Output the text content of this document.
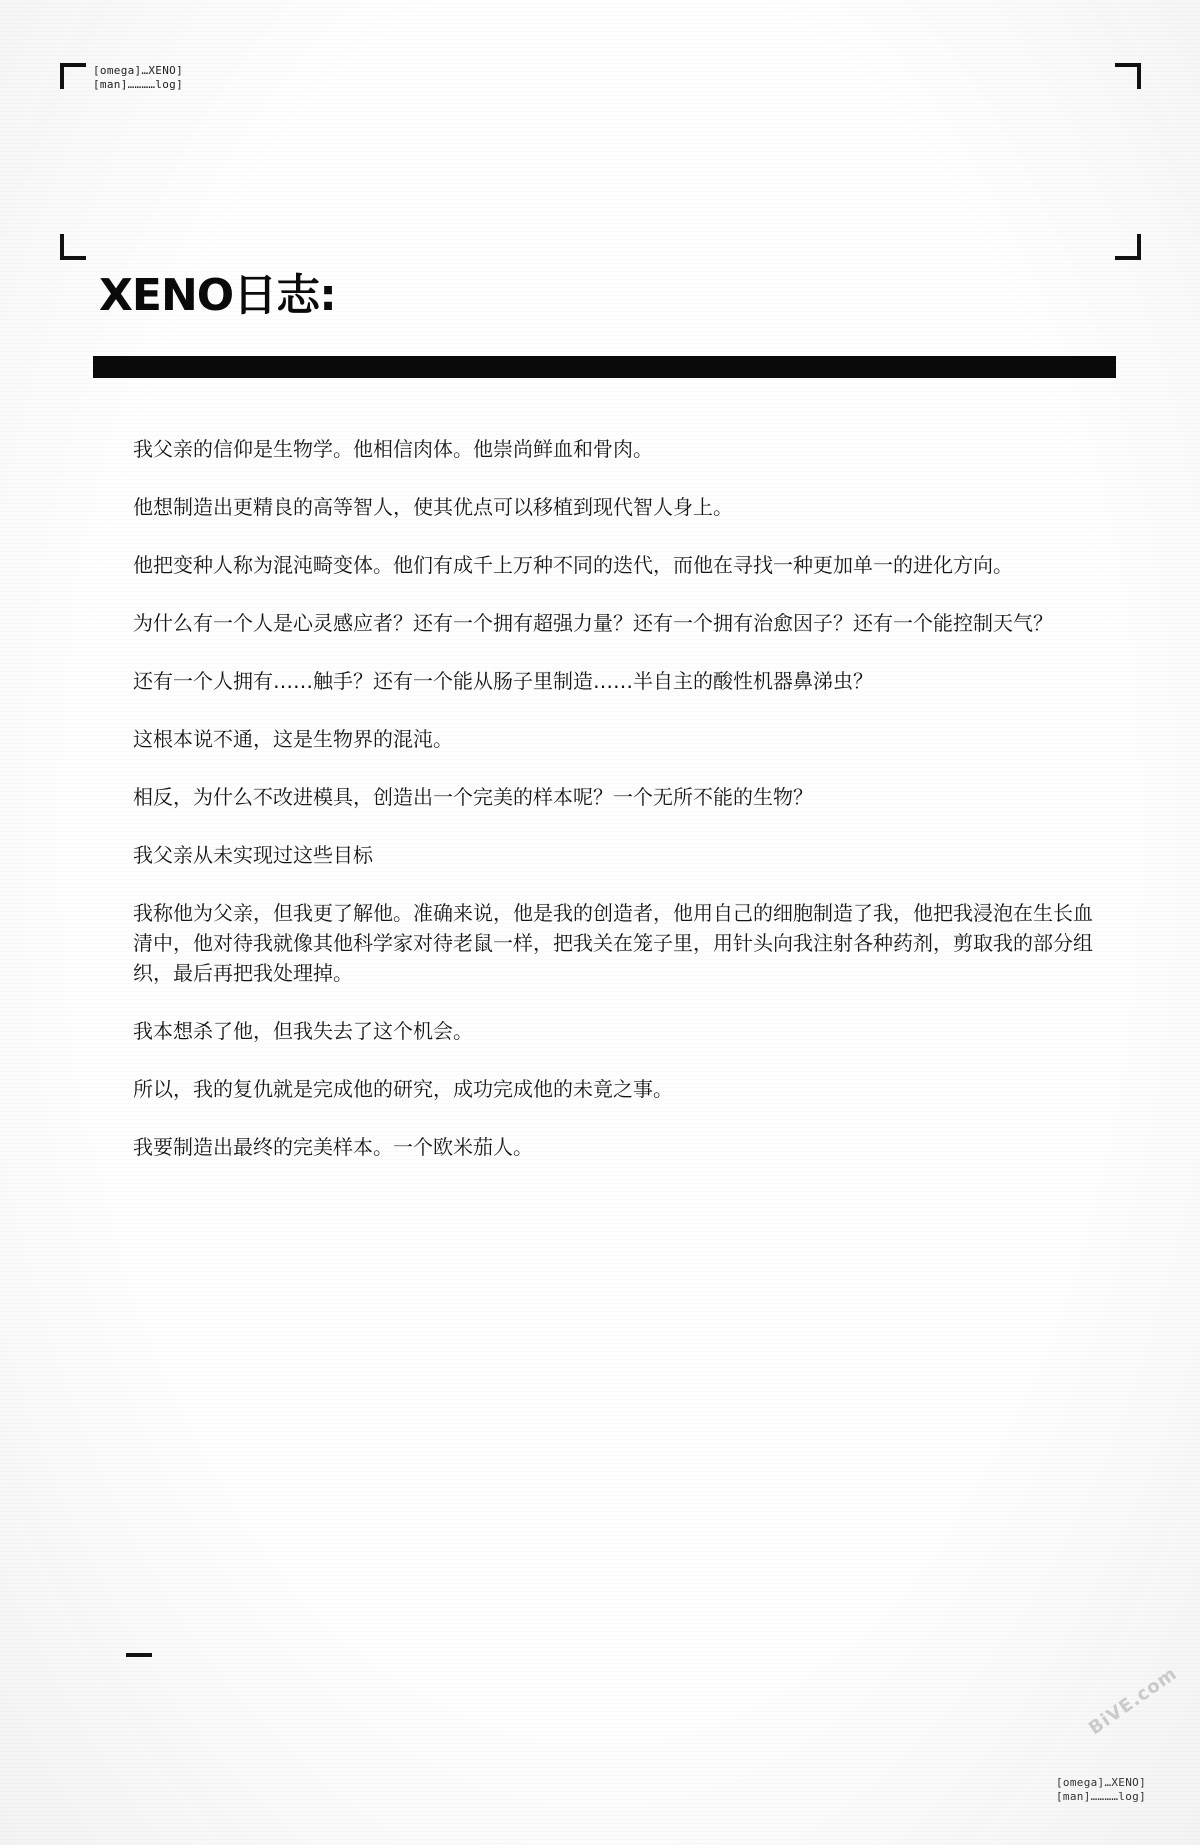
[omega]…XENO]
[man]…………log]
XENO日志:

我父亲的信仰是生物学。他相信肉体。他崇尚鲜血和骨肉。

他想制造出更精良的高等智人，使其优点可以移植到现代智人身上。

他把变种人称为混沌畸变体。他们有成千上万种不同的迭代，而他在寻找一种更加单一的进化方向。

为什么有一个人是心灵感应者？还有一个拥有超强力量？还有一个拥有治愈因子？还有一个能控制天气？

还有一个人拥有……触手？还有一个能从肠子里制造……半自主的酸性机器鼻涕虫？

这根本说不通，这是生物界的混沌。

相反，为什么不改进模具，创造出一个完美的样本呢？一个无所不能的生物？

我父亲从未实现过这些目标

我称他为父亲，但我更了解他。准确来说，他是我的创造者，他用自己的细胞制造了我，他把我浸泡在生长血清中，他对待我就像其他科学家对待老鼠一样，把我关在笼子里，用针头向我注射各种药剂，剪取我的部分组织，最后再把我处理掉。

我本想杀了他，但我失去了这个机会。

所以，我的复仇就是完成他的研究，成功完成他的未竟之事。

我要制造出最终的完美样本。一个欧米茄人。

[omega]…XENO]
[man]…………log]
BiVE.com
